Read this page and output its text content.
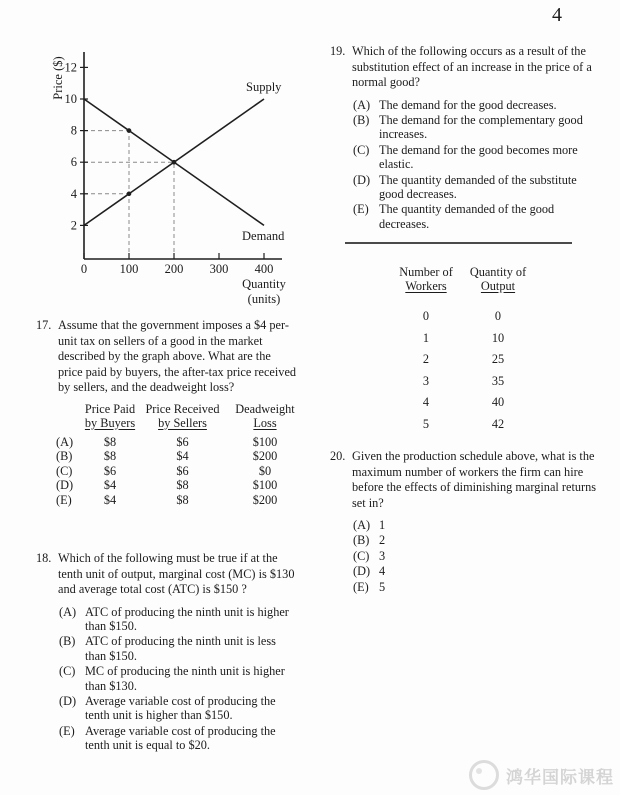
4
2
4
6
8
10
12
0	100 200 300 400
Supply
Demand
Price ($)
Quantity
(units)
17. Assume that the government imposes a $4 per-unit tax on sellers of a good in the market described by the graph above. What are the price paid by buyers, the after-tax price received by sellers, and the deadweight loss?
Price Paid
by Buyers
Price Received
by Sellers
Deadweight
Loss
(A)	$8	$6	$100
(B)	$8	$4	$200
(C)	$6	$6	$0
(D)	$4	$8	$100
(E)	$4	$8	$200
18. Which of the following must be true if at the tenth unit of output, marginal cost (MC) is $130 and average total cost (ATC) is $150 ?
(A) ATC of producing the ninth unit is higher than $150.
(B) ATC of producing the ninth unit is less than $150.
(C) MC of producing the ninth unit is higher than $130.
(D) Average variable cost of producing the tenth unit is higher than $150.
(E) Average variable cost of producing the tenth unit is equal to $20.
19. Which of the following occurs as a result of the substitution effect of an increase in the price of a normal good?
(A) The demand for the good decreases.
(B) The demand for the complementary good increases.
(C) The demand for the good becomes more elastic.
(D) The quantity demanded of the substitute good decreases.
(E) The quantity demanded of the good decreases.
Number of
Workers
Quantity of
Output
0	0
1	10
2	25
3	35
4	40
5	42
20. Given the production schedule above, what is the maximum number of workers the firm can hire before the effects of diminishing marginal returns set in?
(A) 1
(B) 2
(C) 3
(D) 4
(E) 5
鸿华国际课程
